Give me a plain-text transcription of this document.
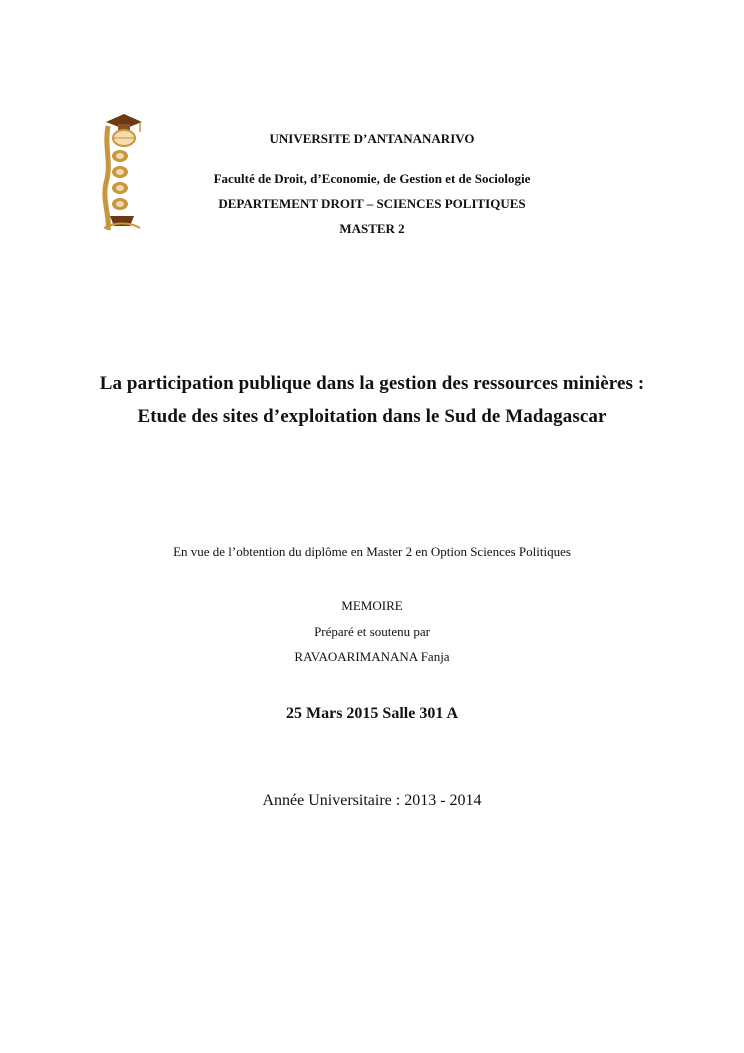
UNIVERSITE D’ANTANANARIVO
Faculté de Droit, d’Economie, de Gestion et de Sociologie
DEPARTEMENT DROIT – SCIENCES POLITIQUES
MASTER 2
La participation publique dans la gestion des ressources minières :
Etude des sites d’exploitation dans le Sud de Madagascar
En vue de l’obtention du diplôme en Master 2 en Option Sciences Politiques
MEMOIRE
Préparé et soutenu par
RAVAOARIMANANA Fanja
25 Mars 2015 Salle 301 A
Année Universitaire : 2013 - 2014
